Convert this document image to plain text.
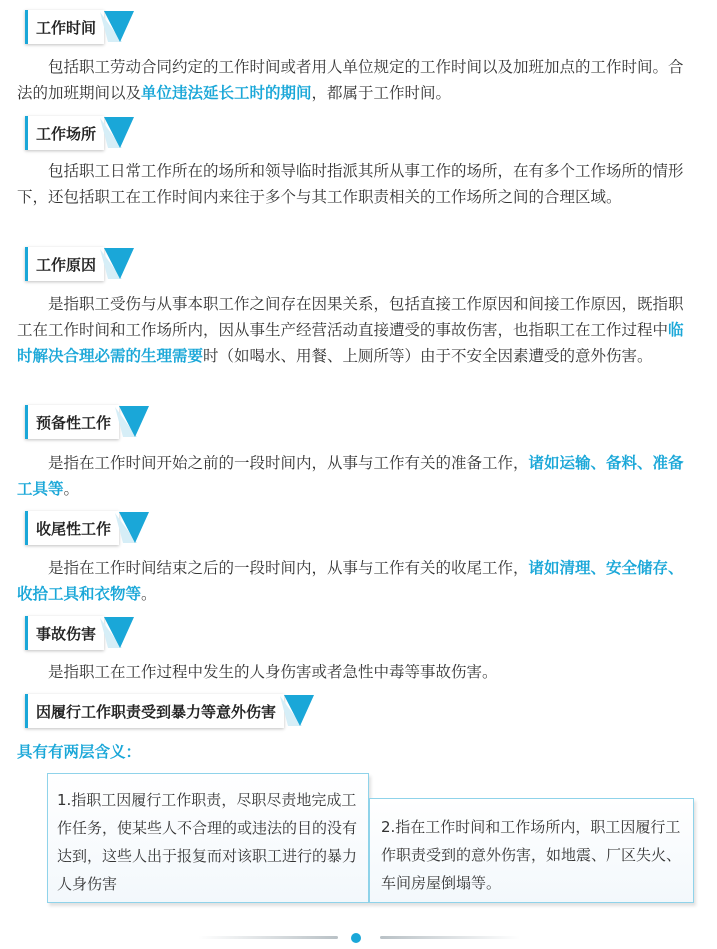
工作时间

包括职工劳动合同约定的工作时间或者用人单位规定的工作时间以及加班加点的工作时间。合法的加班期间以及单位违法延长工时的期间，都属于工作时间。

工作场所

包括职工日常工作所在的场所和领导临时指派其所从事工作的场所，在有多个工作场所的情形下，还包括职工在工作时间内来往于多个与其工作职责相关的工作场所之间的合理区域。

工作原因

是指职工受伤与从事本职工作之间存在因果关系，包括直接工作原因和间接工作原因，既指职工在工作时间和工作场所内，因从事生产经营活动直接遭受的事故伤害，也指职工在工作过程中临时解决合理必需的生理需要时（如喝水、用餐、上厕所等）由于不安全因素遭受的意外伤害。

预备性工作

是指在工作时间开始之前的一段时间内，从事与工作有关的准备工作，诸如运输、备料、准备工具等。

收尾性工作

是指在工作时间结束之后的一段时间内，从事与工作有关的收尾工作，诸如清理、安全储存、收拾工具和衣物等。

事故伤害

是指职工在工作过程中发生的人身伤害或者急性中毒等事故伤害。

因履行工作职责受到暴力等意外伤害
具有有两层含义：
1.指职工因履行工作职责，尽职尽责地完成工作任务，使某些人不合理的或违法的目的没有达到，这些人出于报复而对该职工进行的暴力人身伤害
2.指在工作时间和工作场所内，职工因履行工作职责受到的意外伤害，如地震、厂区失火、车间房屋倒塌等。
